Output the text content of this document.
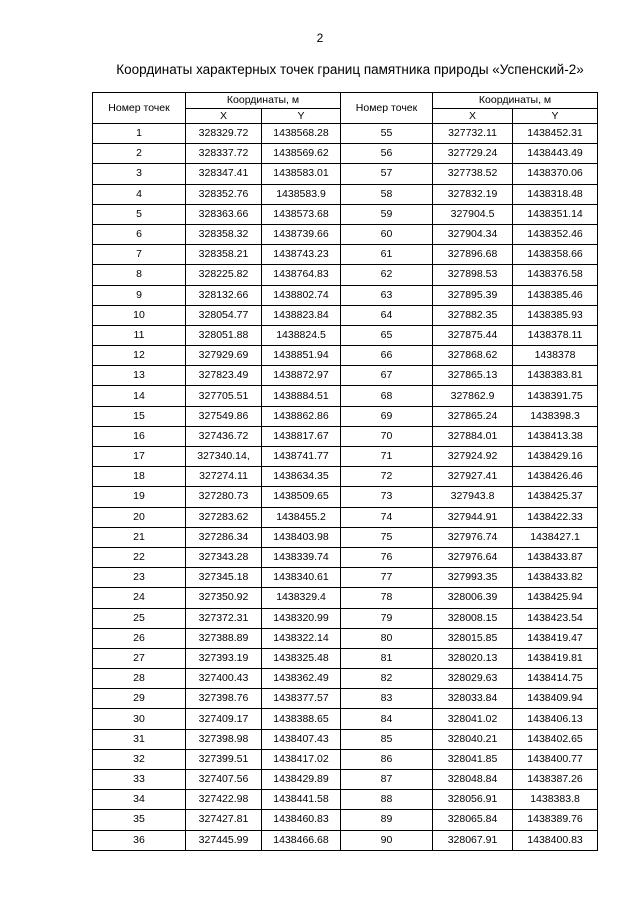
2
Координаты характерных точек границ памятника природы «Успенский-2»
Номер точек	Координаты, м		Номер точек	Координаты, м	
	X	Y		X	Y
1	328329.72	1438568.28	55	327732.11	1438452.31
2	328337.72	1438569.62	56	327729.24	1438443.49
3	328347.41	1438583.01	57	327738.52	1438370.06
4	328352.76	1438583.9	58	327832.19	1438318.48
5	328363.66	1438573.68	59	327904.5	1438351.14
6	328358.32	1438739.66	60	327904.34	1438352.46
7	328358.21	1438743.23	61	327896.68	1438358.66
8	328225.82	1438764.83	62	327898.53	1438376.58
9	328132.66	1438802.74	63	327895.39	1438385.46
10	328054.77	1438823.84	64	327882.35	1438385.93
11	328051.88	1438824.5	65	327875.44	1438378.11
12	327929.69	1438851.94	66	327868.62	1438378
13	327823.49	1438872.97	67	327865.13	1438383.81
14	327705.51	1438884.51	68	327862.9	1438391.75
15	327549.86	1438862.86	69	327865.24	1438398.3
16	327436.72	1438817.67	70	327884.01	1438413.38
17	327340.14,	1438741.77	71	327924.92	1438429.16
18	327274.11	1438634.35	72	327927.41	1438426.46
19	327280.73	1438509.65	73	327943.8	1438425.37
20	327283.62	1438455.2	74	327944.91	1438422.33
21	327286.34	1438403.98	75	327976.74	1438427.1
22	327343.28	1438339.74	76	327976.64	1438433.87
23	327345.18	1438340.61	77	327993.35	1438433.82
24	327350.92	1438329.4	78	328006.39	1438425.94
25	327372.31	1438320.99	79	328008.15	1438423.54
26	327388.89	1438322.14	80	328015.85	1438419.47
27	327393.19	1438325.48	81	328020.13	1438419.81
28	327400.43	1438362.49	82	328029.63	1438414.75
29	327398.76	1438377.57	83	328033.84	1438409.94
30	327409.17	1438388.65	84	328041.02	1438406.13
31	327398.98	1438407.43	85	328040.21	1438402.65
32	327399.51	1438417.02	86	328041.85	1438400.77
33	327407.56	1438429.89	87	328048.84	1438387.26
34	327422.98	1438441.58	88	328056.91	1438383.8
35	327427.81	1438460.83	89	328065.84	1438389.76
36	327445.99	1438466.68	90	328067.91	1438400.83
